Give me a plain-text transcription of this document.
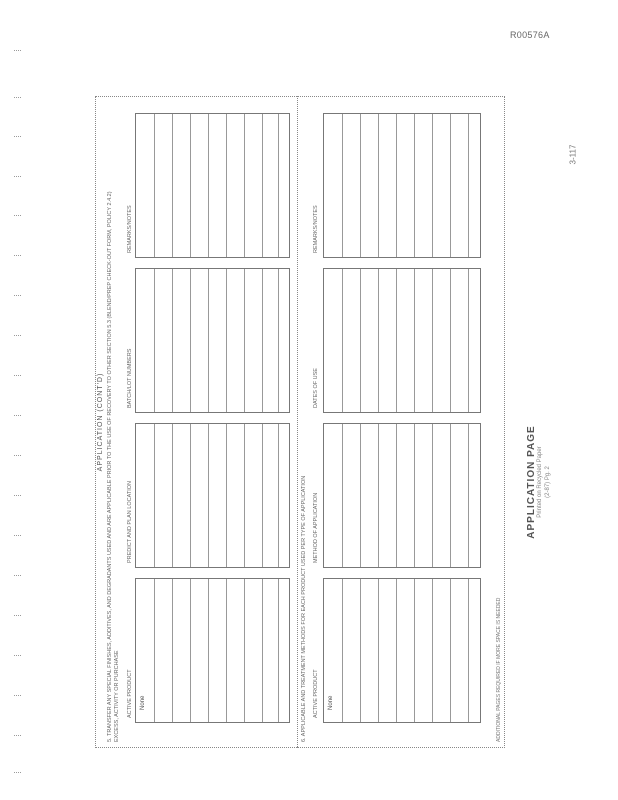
R00576A
3-117
APPLICATION PAGE Printed on Recycled Paper (2-87) Pg. 2
APPLICATION (CONT'D) 5. TRANSFER ANY SPECIAL FINISHES, ADDITIVES, AND DEGRADANTS USED AND ARE APPLICABLE PRIOR TO THE USE OF RECOVERY TO OTHER SECTION 5.3 (BLEND/PREP CHECK-OUT FORM, POLICY 2.4.2) EXCESS, ACTIVITY OR PURCHASE ACTIVE PRODUCT
PREDICT AND PLAN LOCATION
BATCH/LOT NUMBERS
REMARKS/NOTES
None	6. APPLICABLE AND TREATMENT METHODS FOR EACH PRODUCT USED PER TYPE OF APPLICATION ACTIVE PRODUCT
METHOD OF APPLICATION
DATES OF USE
REMARKS/NOTES
None	ADDITIONAL PAGES REQUIRED IF MORE SPACE IS NEEDED
